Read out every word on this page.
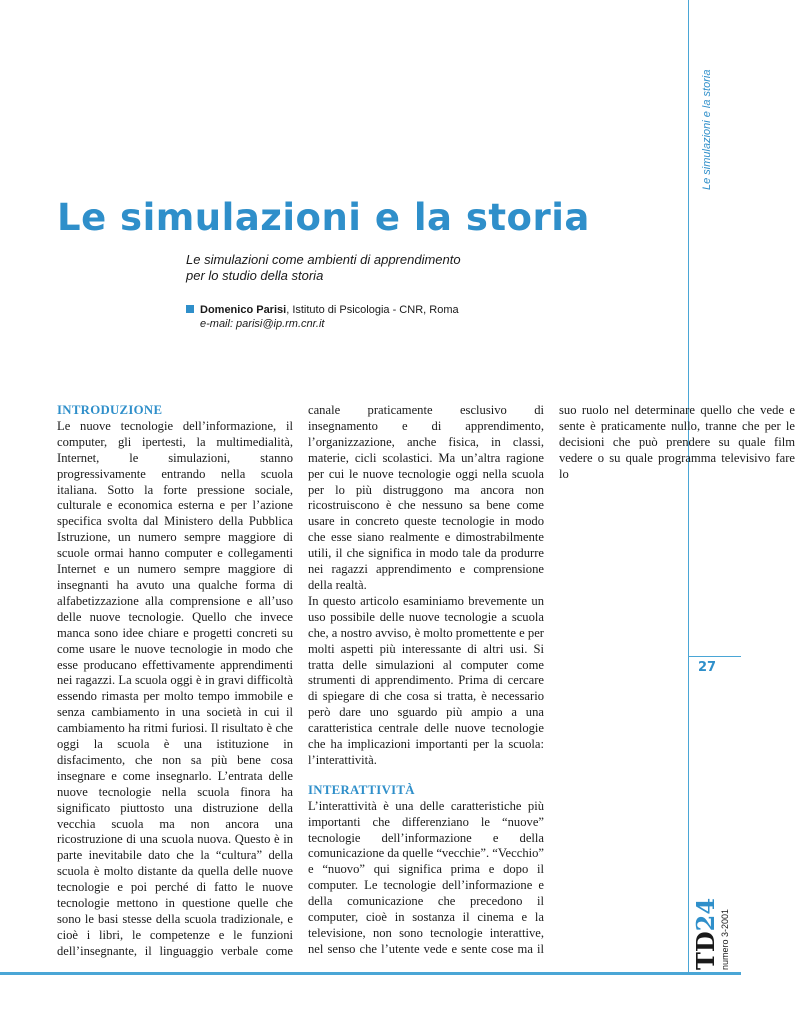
Le simulazioni e la storia
27
TD24 numero 3-2001
Le simulazioni e la storia

Le simulazioni come ambienti di apprendimento
per lo studio della storia

Domenico Parisi, Istituto di Psicologia - CNR, Roma
e-mail: parisi@ip.rm.cnr.it
INTRODUZIONE

Le nuove tecnologie dell’informazione, il computer, gli ipertesti, la multimedialità, Internet, le simulazioni, stanno progressivamente entrando nella scuola italiana. Sotto la forte pressione sociale, culturale e economica esterna e per l’azione specifica svolta dal Ministero della Pubblica Istruzione, un numero sempre maggiore di scuole ormai hanno computer e collegamenti Internet e un numero sempre maggiore di insegnanti ha avuto una qualche forma di alfabetizzazione alla comprensione e all’uso delle nuove tecnologie. Quello che invece manca sono idee chiare e progetti concreti su come usare le nuove tecnologie in modo che esse producano effettivamente apprendimenti nei ragazzi. La scuola oggi è in gravi difficoltà essendo rimasta per molto tempo immobile e senza cambiamento in una società in cui il cambiamento ha ritmi furiosi. Il risultato è che oggi la scuola è una istituzione in disfacimento, che non sa più bene cosa insegnare e come insegnarlo. L’entrata delle nuove tecnologie nella scuola finora ha significato piuttosto una distruzione della vecchia scuola ma non ancora una ricostruzione di una scuola nuova. Questo è in parte inevitabile dato che la “cultura” della scuola è molto distante da quella delle nuove tecnologie e poi perché di fatto le nuove tecnologie mettono in questione quelle che sono le basi stesse della scuola tradizionale, e cioè i libri, le competenze e le funzioni dell’insegnante, il linguaggio verbale come canale praticamente esclusivo di insegnamento e di apprendimento, l’organizzazione, anche fisica, in classi, materie, cicli scolastici. Ma un’altra ragione per cui le nuove tecnologie oggi nella scuola per lo più distruggono ma ancora non ricostruiscono è che nessuno sa bene come usare in concreto queste tecnologie in modo che esse siano realmente e dimostrabilmente utili, il che significa in modo tale da produrre nei ragazzi apprendimento e comprensione della realtà.

In questo articolo esaminiamo brevemente un uso possibile delle nuove tecnologie a scuola che, a nostro avviso, è molto promettente e per molti aspetti più interessante di altri usi. Si tratta delle simulazioni al computer come strumenti di apprendimento. Prima di cercare di spiegare di che cosa si tratta, è necessario però dare uno sguardo più ampio a una caratteristica centrale delle nuove tecnologie che ha implicazioni importanti per la scuola: l’interattività.

INTERATTIVITÀ

L’interattività è una delle caratteristiche più importanti che differenziano le “nuove” tecnologie dell’informazione e della comunicazione da quelle “vecchie”. “Vecchio” e “nuovo” qui significa prima e dopo il computer. Le tecnologie dell’informazione e della comunicazione che precedono il computer, cioè in sostanza il cinema e la televisione, non sono tecnologie interattive, nel senso che l’utente vede e sente cose ma il suo ruolo nel determinare quello che vede e sente è praticamente nullo, tranne che per le decisioni che può prendere su quale film vedere o su quale programma televisivo fare lo
